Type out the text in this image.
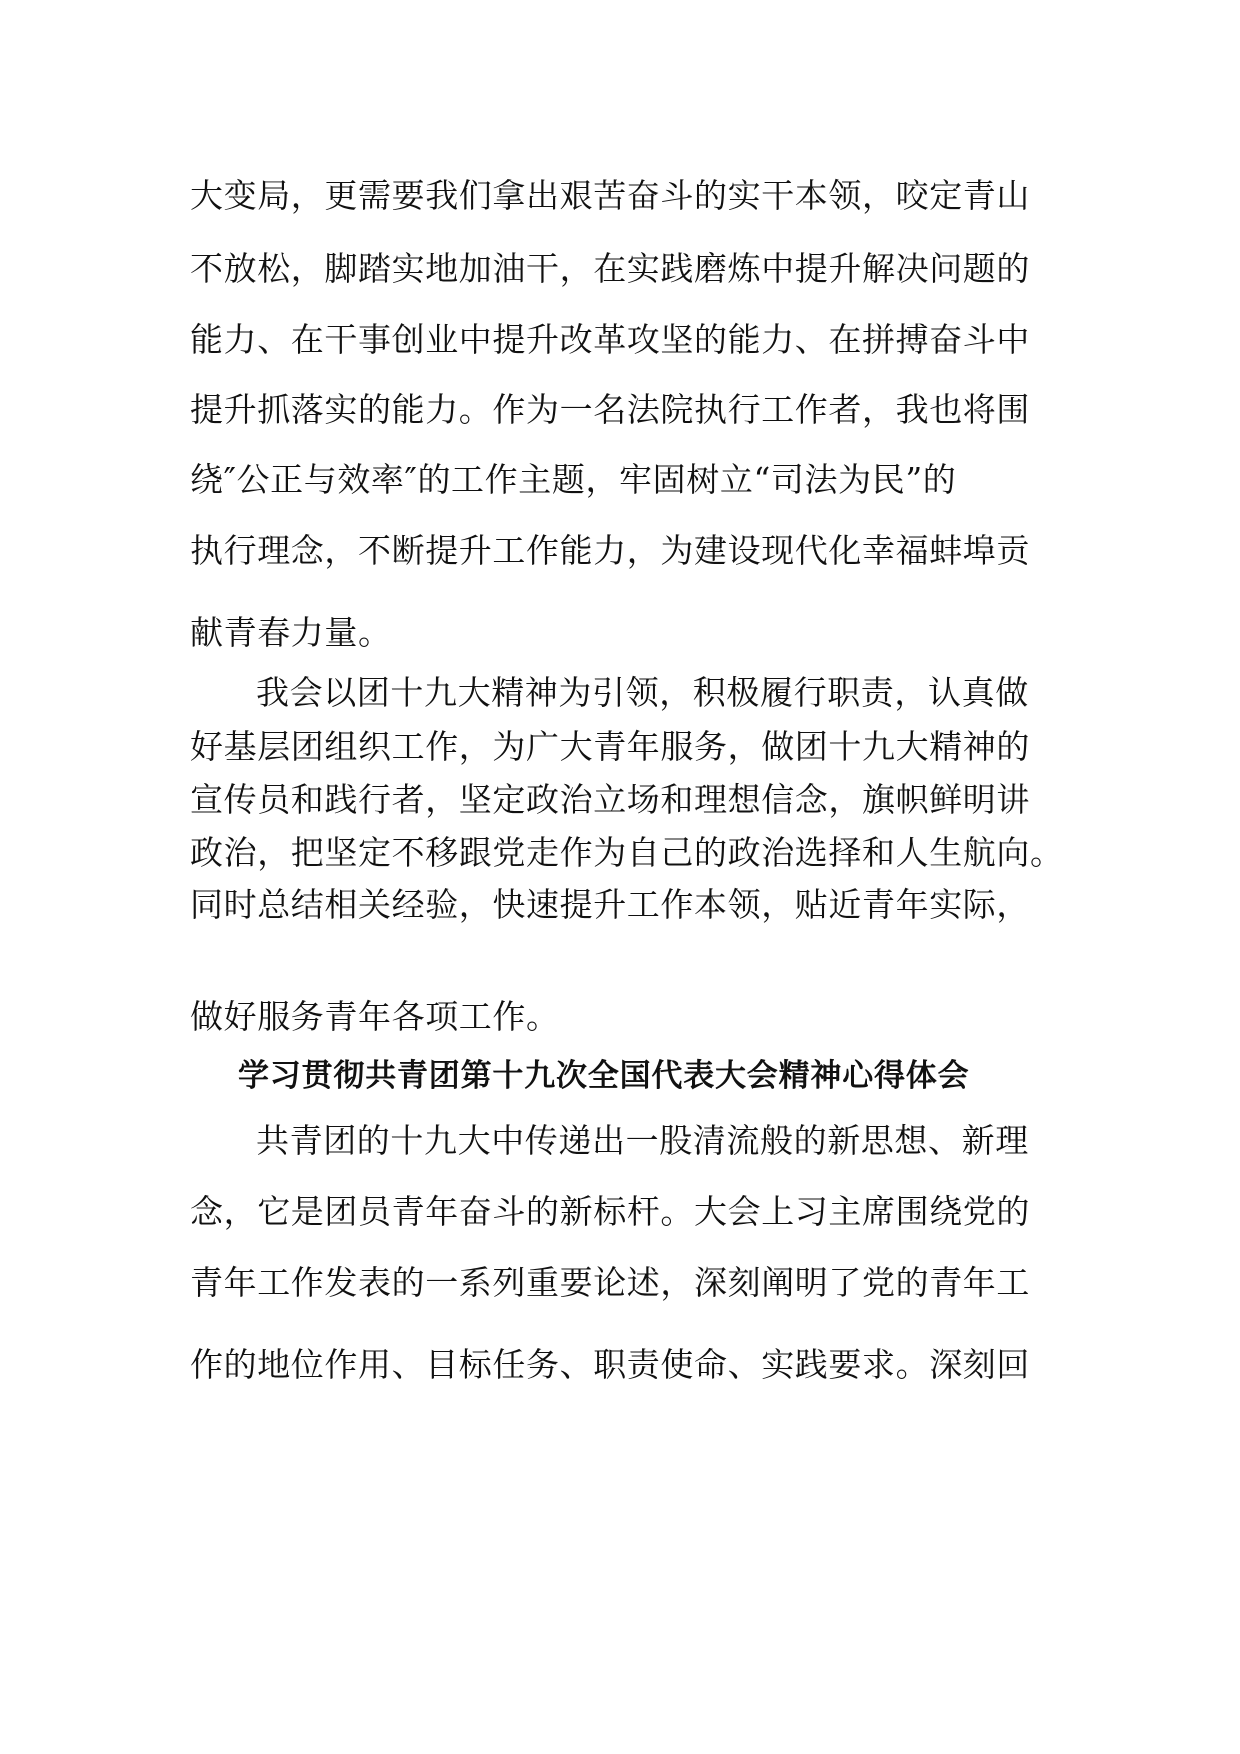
大变局，更需要我们拿出艰苦奋斗的实干本领，咬定青山
不放松，脚踏实地加油干，在实践磨炼中提升解决问题的
能力、在干事创业中提升改革攻坚的能力、在拼搏奋斗中
提升抓落实的能力。作为一名法院执行工作者，我也将围
绕″公正与效率″的工作主题，牢固树立“司法为民”的
执行理念，不断提升工作能力，为建设现代化幸福蚌埠贡
献青春力量。
我会以团十九大精神为引领，积极履行职责，认真做
好基层团组织工作，为广大青年服务，做团十九大精神的
宣传员和践行者，坚定政治立场和理想信念，旗帜鲜明讲
政治，把坚定不移跟党走作为自己的政治选择和人生航向。
同时总结相关经验，快速提升工作本领，贴近青年实际，
做好服务青年各项工作。
学习贯彻共青团第十九次全国代表大会精神心得体会
共青团的十九大中传递出一股清流般的新思想、新理
念，它是团员青年奋斗的新标杆。大会上习主席围绕党的
青年工作发表的一系列重要论述，深刻阐明了党的青年工
作的地位作用、目标任务、职责使命、实践要求。深刻回
